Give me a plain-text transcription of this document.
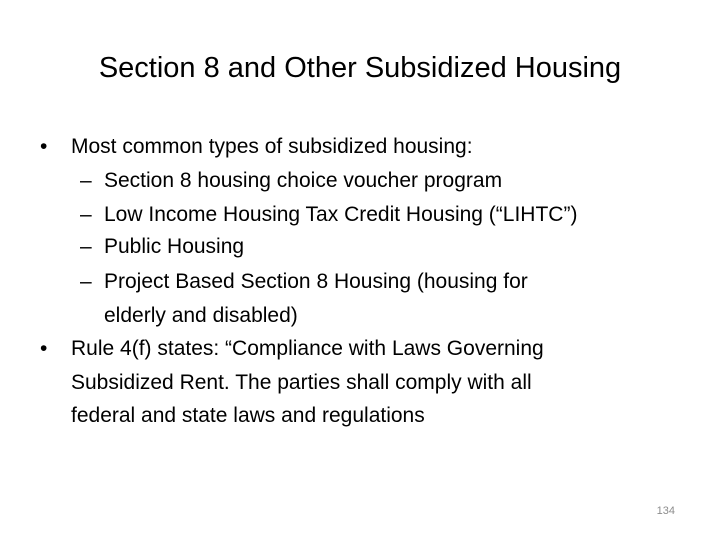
Section 8 and Other Subsidized Housing
• Most common types of subsidized housing:
– Section 8 housing choice voucher program
– Low Income Housing Tax Credit Housing (“LIHTC”)
– Public Housing
– Project Based Section 8 Housing (housing for
elderly and disabled)
• Rule 4(f) states: “Compliance with Laws Governing
Subsidized Rent. The parties shall comply with all
federal and state laws and regulations
134
